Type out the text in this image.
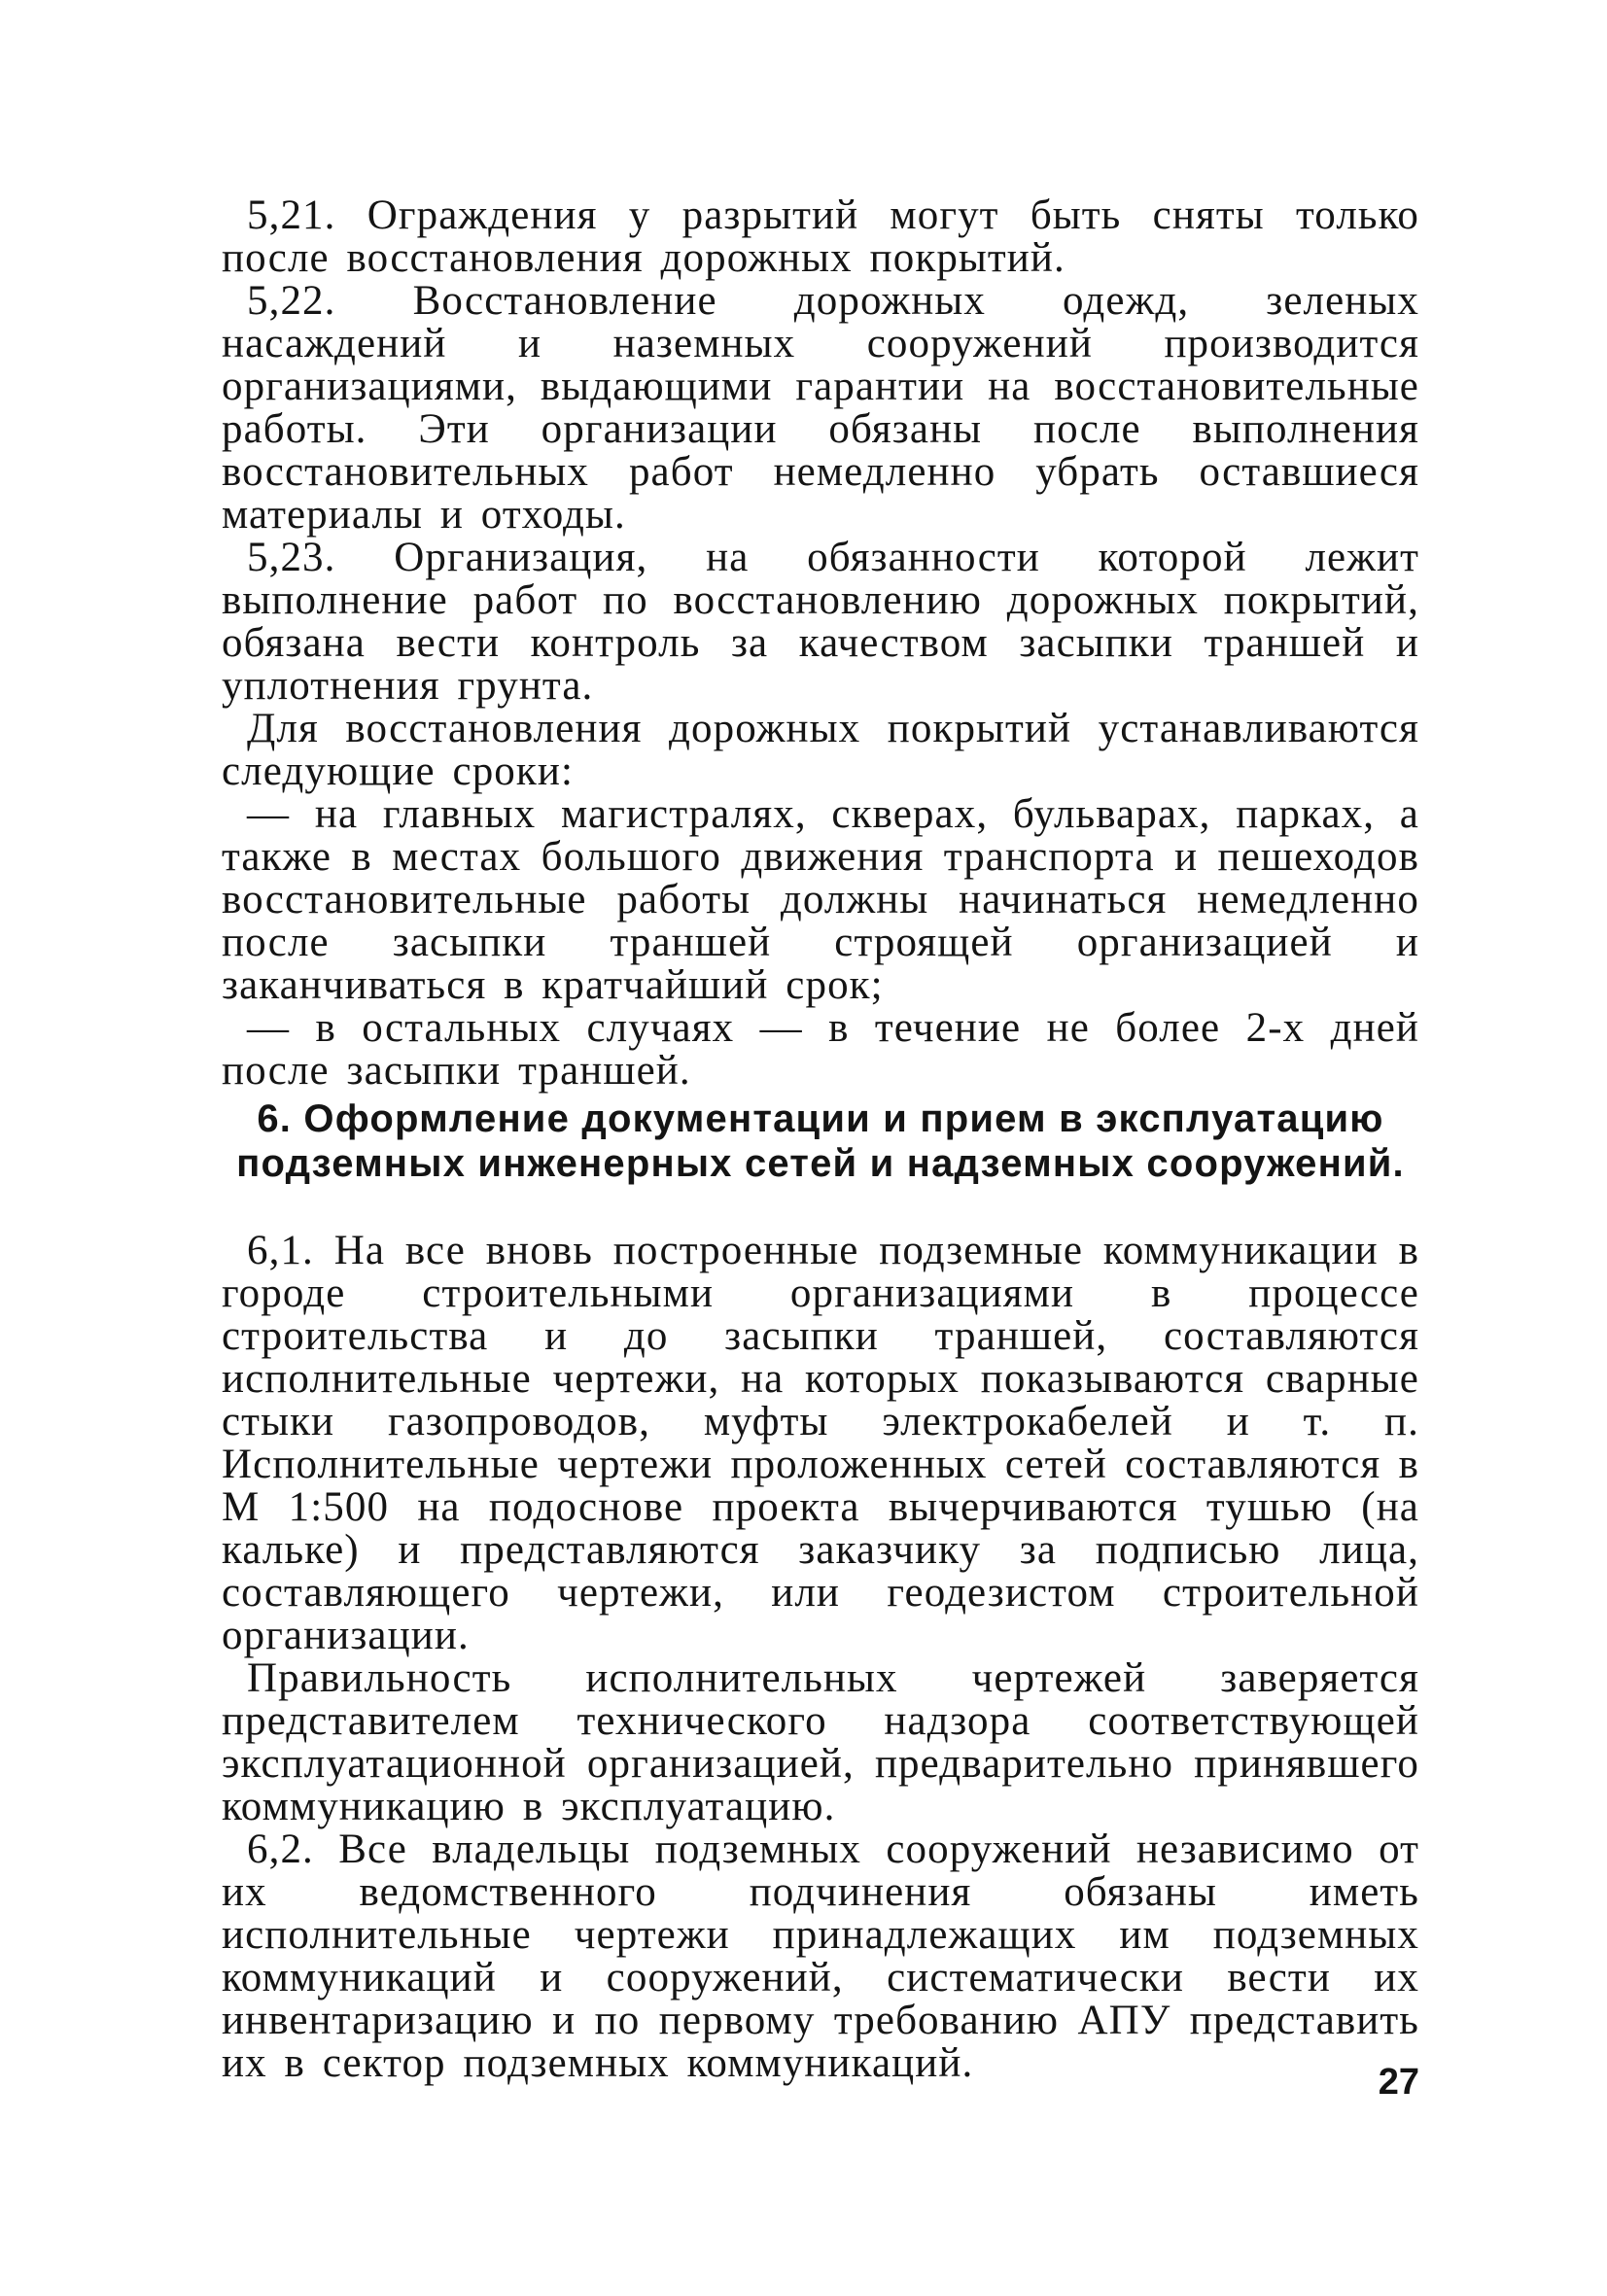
5,21. Ограждения у разрытий могут быть сняты только после восстановления дорожных покрытий.

5,22. Восстановление дорожных одежд, зеленых насаждений и наземных сооружений производится организациями, выдающими гарантии на восстановительные работы. Эти организации обязаны после выполнения восстановительных работ немедленно убрать оставшиеся материалы и отходы.

5,23. Организация, на обязанности которой лежит выполнение работ по восстановлению дорожных покрытий, обязана вести контроль за качеством засыпки траншей и уплотнения грунта.

Для восстановления дорожных покрытий устанавливаются следующие сроки:

— на главных магистралях, скверах, бульварах, парках, а также в местах большого движения транспорта и пешеходов восстановительные работы должны начинаться немедленно после засыпки траншей строящей организацией и заканчиваться в кратчайший срок;

— в остальных случаях — в течение не более 2-х дней после засыпки траншей.

6. Оформление документации и прием в эксплуатацию
подземных инженерных сетей и надземных сооружений.

6,1. На все вновь построенные подземные коммуникации в городе строительными организациями в процессе строительства и до засыпки траншей, составляются исполнительные чертежи, на которых показываются сварные стыки газопроводов, муфты электрокабелей и т. п. Исполнительные чертежи проложенных сетей составляются в М 1:500 на подоснове проекта вычерчиваются тушью (на кальке) и представляются заказчику за подписью лица, составляющего чертежи, или геодезистом строительной организации.

Правильность исполнительных чертежей заверяется представителем технического надзора соответствующей эксплуатационной организацией, предварительно принявшего коммуникацию в эксплуатацию.

6,2. Все владельцы подземных сооружений независимо от их ведомственного подчинения обязаны иметь исполнительные чертежи принадлежащих им подземных коммуникаций и сооружений, систематически вести их инвентаризацию и по первому требованию АПУ представить их в сектор подземных коммуникаций.	27
